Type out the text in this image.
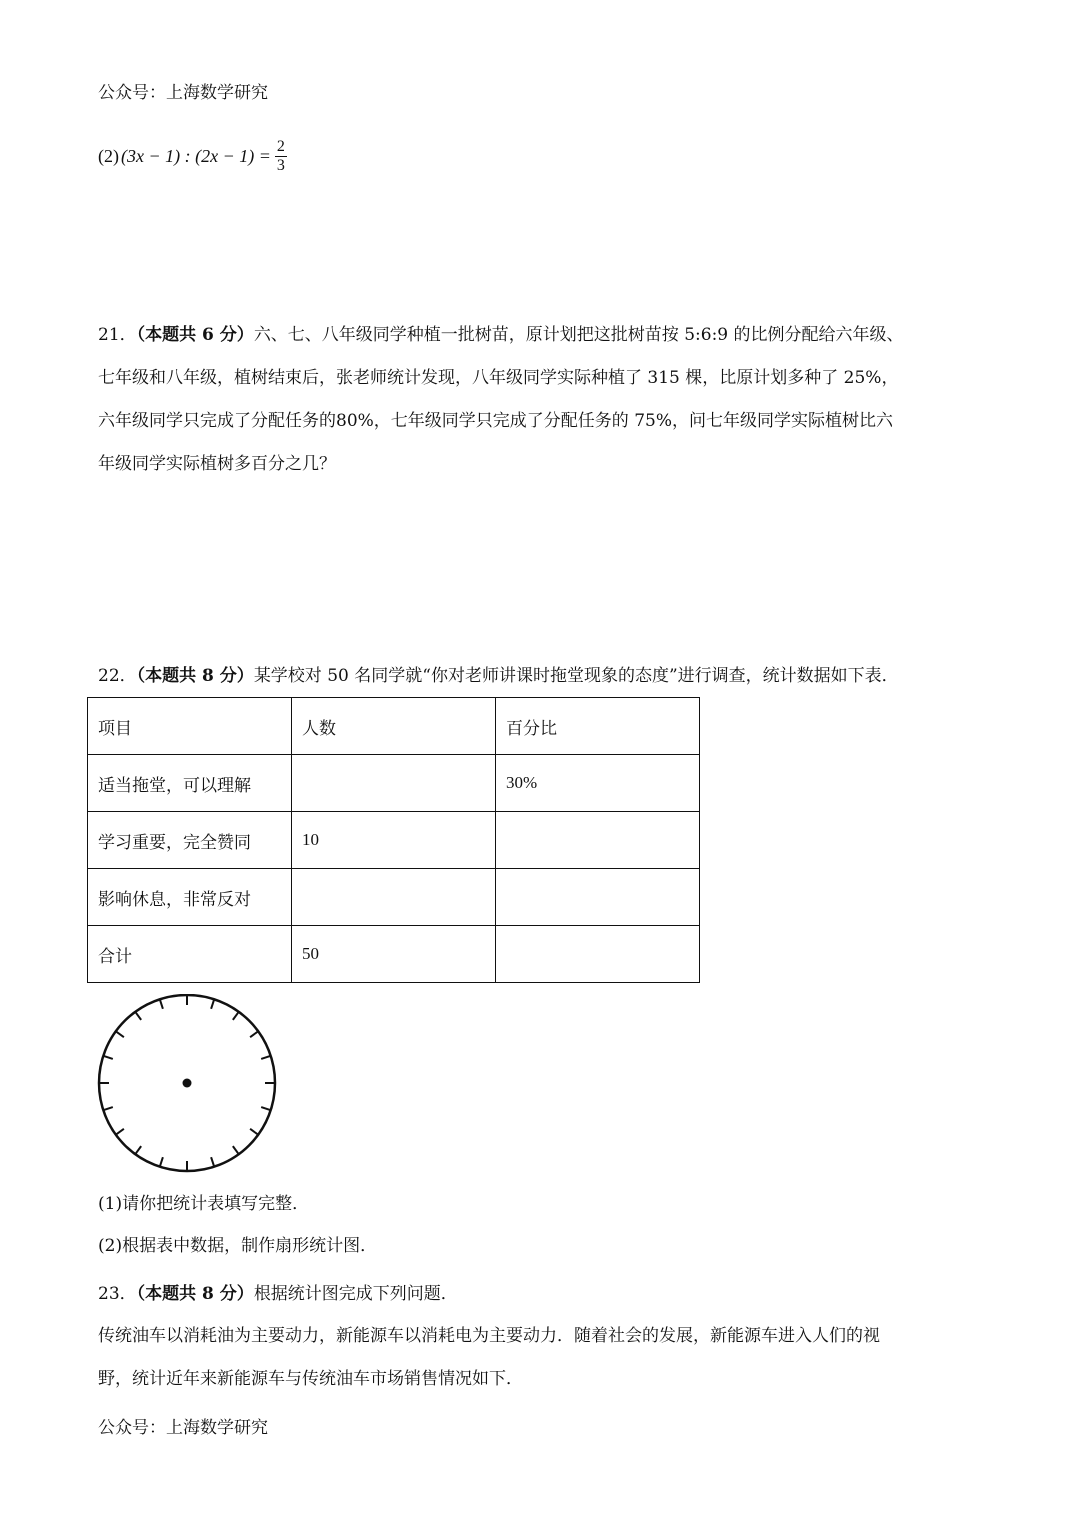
公众号：上海数学研究
(2) (3x − 1) : $(2x - 1) = \frac{2}{3}$
21．（本题共 6 分）六、七、八年级同学种植一批树苗，原计划把这批树苗按 5:6:9 的比例分配给六年级、
七年级和八年级，植树结束后，张老师统计发现，八年级同学实际种植了 315 棵，比原计划多种了 25%，
六年级同学只完成了分配任务的80%，七年级同学只完成了分配任务的 75%，问七年级同学实际植树比六
年级同学实际植树多百分之几？
22．（本题共 8 分）某学校对 50 名同学就“你对老师讲课时拖堂现象的态度”进行调查，统计数据如下表．
项目	人数	百分比
适当拖堂，可以理解		30%
学习重要，完全赞同	10	
影响休息，非常反对		
合计	50	
(1)请你把统计表填写完整．
(2)根据表中数据，制作扇形统计图．
23．（本题共 8 分）根据统计图完成下列问题．
传统油车以消耗油为主要动力，新能源车以消耗电为主要动力．随着社会的发展，新能源车进入人们的视
野，统计近年来新能源车与传统油车市场销售情况如下．
公众号：上海数学研究
